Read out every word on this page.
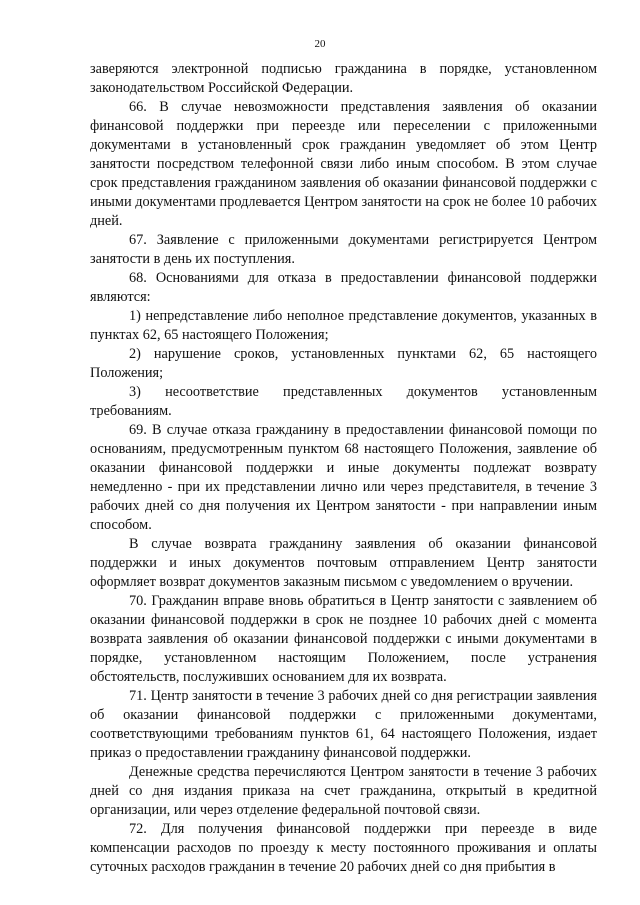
20

заверяются электронной подписью гражданина в порядке, установленном законодательством Российской Федерации.

66. В случае невозможности представления заявления об оказании финансовой поддержки при переезде или переселении с приложенными документами в установленный срок гражданин уведомляет об этом Центр занятости посредством телефонной связи либо иным способом. В этом случае срок представления гражданином заявления об оказании финансовой поддержки с иными документами продлевается Центром занятости на срок не более 10 рабочих дней.

67. Заявление с приложенными документами регистрируется Центром занятости в день их поступления.

68. Основаниями для отказа в предоставлении финансовой поддержки являются:

1) непредставление либо неполное представление документов, указанных в пунктах 62, 65 настоящего Положения;

2) нарушение сроков, установленных пунктами 62, 65 настоящего Положения;

3) несоответствие представленных документов установленным требованиям.

69. В случае отказа гражданину в предоставлении финансовой помощи по основаниям, предусмотренным пунктом 68 настоящего Положения, заявление об оказании финансовой поддержки и иные документы подлежат возврату немедленно - при их представлении лично или через представителя, в течение 3 рабочих дней со дня получения их Центром занятости - при направлении иным способом.

В случае возврата гражданину заявления об оказании финансовой поддержки и иных документов почтовым отправлением Центр занятости оформляет возврат документов заказным письмом с уведомлением о вручении.

70. Гражданин вправе вновь обратиться в Центр занятости с заявлением об оказании финансовой поддержки в срок не позднее 10 рабочих дней с момента возврата заявления об оказании финансовой поддержки с иными документами в порядке, установленном настоящим Положением, после устранения обстоятельств, послуживших основанием для их возврата.

71. Центр занятости в течение 3 рабочих дней со дня регистрации заявления об оказании финансовой поддержки с приложенными документами, соответствующими требованиям пунктов 61, 64 настоящего Положения, издает приказ о предоставлении гражданину финансовой поддержки.

Денежные средства перечисляются Центром занятости в течение 3 рабочих дней со дня издания приказа на счет гражданина, открытый в кредитной организации, или через отделение федеральной почтовой связи.

72. Для получения финансовой поддержки при переезде в виде компенсации расходов по проезду к месту постоянного проживания и оплаты суточных расходов гражданин в течение 20 рабочих дней со дня прибытия в
